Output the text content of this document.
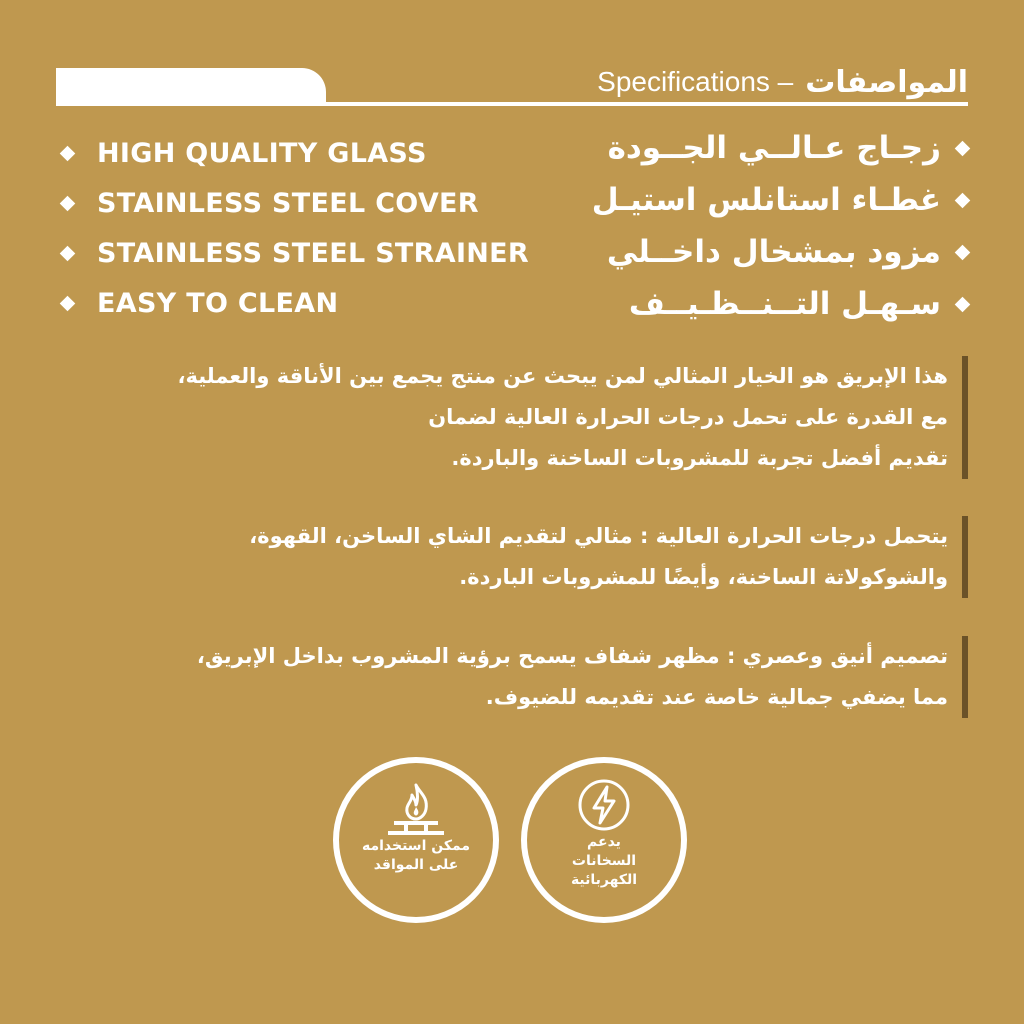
Specifications – المواصفات
HIGH QUALITY GLASS
STAINLESS STEEL COVER
STAINLESS STEEL STRAINER
EASY TO CLEAN
زجـاج عـالــي الجــودة
غطـاء استانلس استيـل
مزود بمشخال داخــلي
سـهـل التــنــظـيــف
هذا الإبريق هو الخيار المثالي لمن يبحث عن منتج يجمع بين الأناقة والعملية،
مع القدرة على تحمل درجات الحرارة العالية لضمان
تقديم أفضل تجربة للمشروبات الساخنة والباردة.
يتحمل درجات الحرارة العالية : مثالي لتقديم الشاي الساخن، القهوة،
والشوكولاتة الساخنة، وأيضًا للمشروبات الباردة.
تصميم أنيق وعصري : مظهر شفاف يسمح برؤية المشروب بداخل الإبريق،
مما يضفي جمالية خاصة عند تقديمه للضيوف.
ممكن استخدامه
على المواقد
يدعم
السخانات
الكهربائية
